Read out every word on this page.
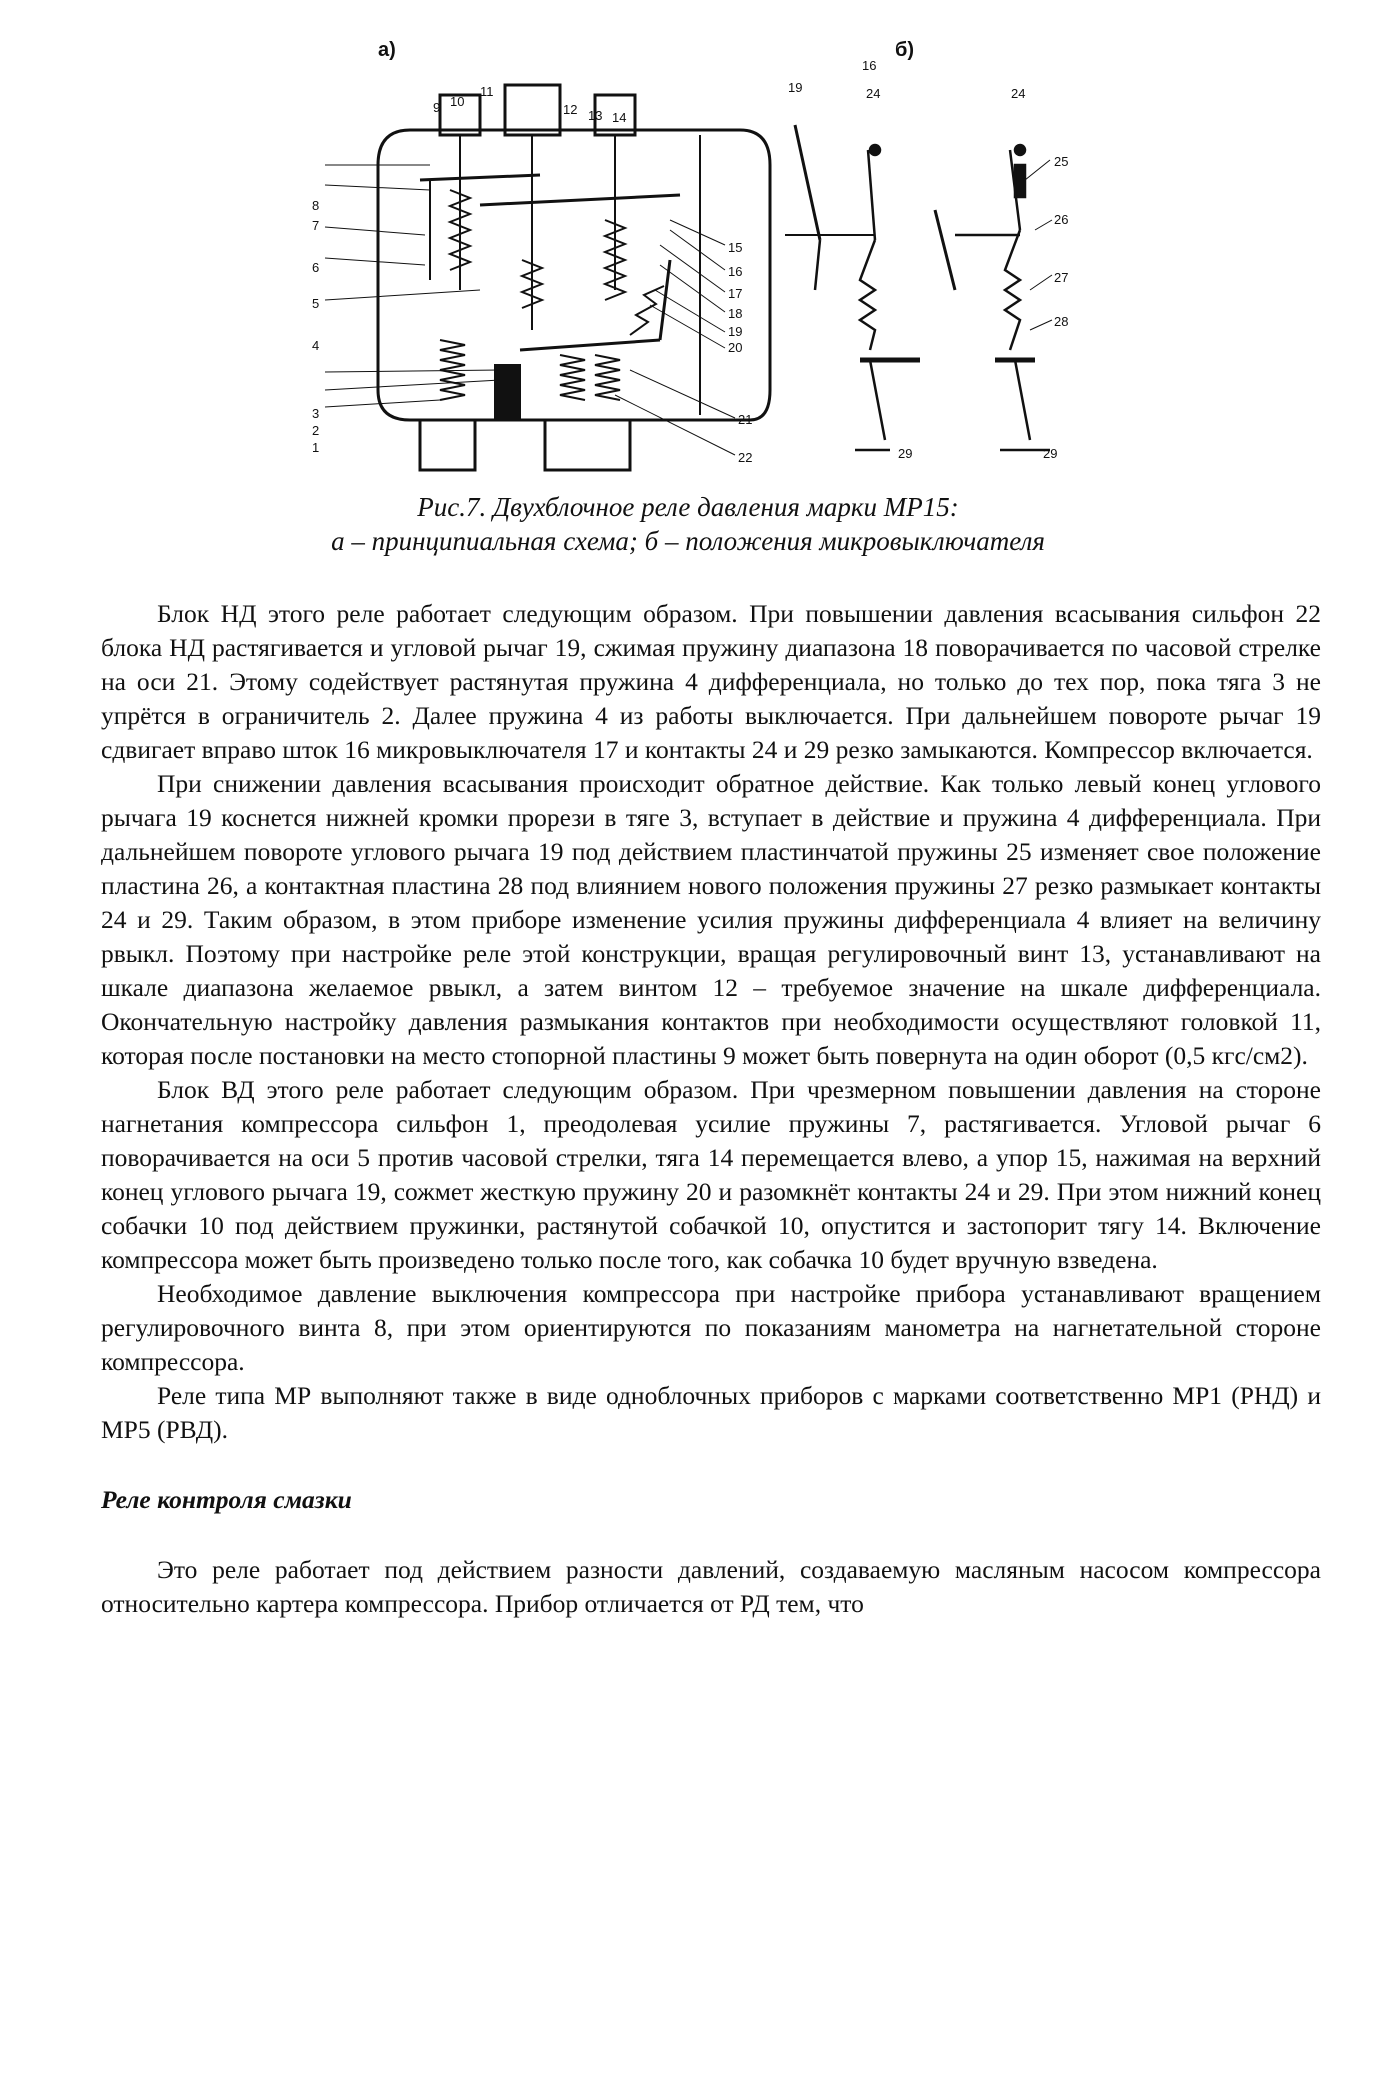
а)	б)
9 10
11
12 13 14
8
7
6
5
4
3
2
1
15
16
17
18
19
20
21
22
16
19	24	24
25
26
27
28
29	29
Рис.7. Двухблочное реле давления марки МР15:
а – принципиальная схема; б – положения микровыключателя

Блок НД этого реле работает следующим образом. При повышении давления всасывания сильфон 22 блока НД растягивается и угловой рычаг 19, сжимая пружину диапазона 18 поворачивается по часовой стрелке на оси 21. Этому содействует растянутая пружина 4 дифференциала, но только до тех пор, пока тяга 3 не упрётся в ограничитель 2. Далее пружина 4 из работы выключается. При дальнейшем повороте рычаг 19 сдвигает вправо шток 16 микровыключателя 17 и контакты 24 и 29 резко замыкаются. Компрессор включается.

При снижении давления всасывания происходит обратное действие. Как только левый конец углового рычага 19 коснется нижней кромки прорези в тяге 3, вступает в действие и пружина 4 дифференциала. При дальнейшем повороте углового рычага 19 под действием пластинчатой пружины 25 изменяет свое положение пластина 26, а контактная пластина 28 под влиянием нового положения пружины 27 резко размыкает контакты 24 и 29. Таким образом, в этом приборе изменение усилия пружины дифференциала 4 влияет на величину pвыкл. Поэтому при настройке реле этой конструкции, вращая регулировочный винт 13, устанавливают на шкале диапазона желаемое pвыкл, а затем винтом 12 – требуемое значение на шкале дифференциала. Окончательную настройку давления размыкания контактов при необходимости осуществляют головкой 11, которая после постановки на место стопорной пластины 9 может быть повернута на один оборот (0,5 кгс/см2).

Блок ВД этого реле работает следующим образом. При чрезмерном повышении давления на стороне нагнетания компрессора сильфон 1, преодолевая усилие пружины 7, растягивается. Угловой рычаг 6 поворачивается на оси 5 против часовой стрелки, тяга 14 перемещается влево, а упор 15, нажимая на верхний конец углового рычага 19, сожмет жесткую пружину 20 и разомкнёт контакты 24 и 29. При этом нижний конец собачки 10 под действием пружинки, растянутой собачкой 10, опустится и застопорит тягу 14. Включение компрессора может быть произведено только после того, как собачка 10 будет вручную взведена.

Необходимое давление выключения компрессора при настройке прибора устанавливают вращением регулировочного винта 8, при этом ориентируются по показаниям манометра на нагнетательной стороне компрессора.

Реле типа МР выполняют также в виде одноблочных приборов с марками соответственно МР1 (РНД) и МР5 (РВД).

Реле контроля смазки

Это реле работает под действием разности давлений, создаваемую масляным насосом компрессора относительно картера компрессора. Прибор отличается от РД тем, что
